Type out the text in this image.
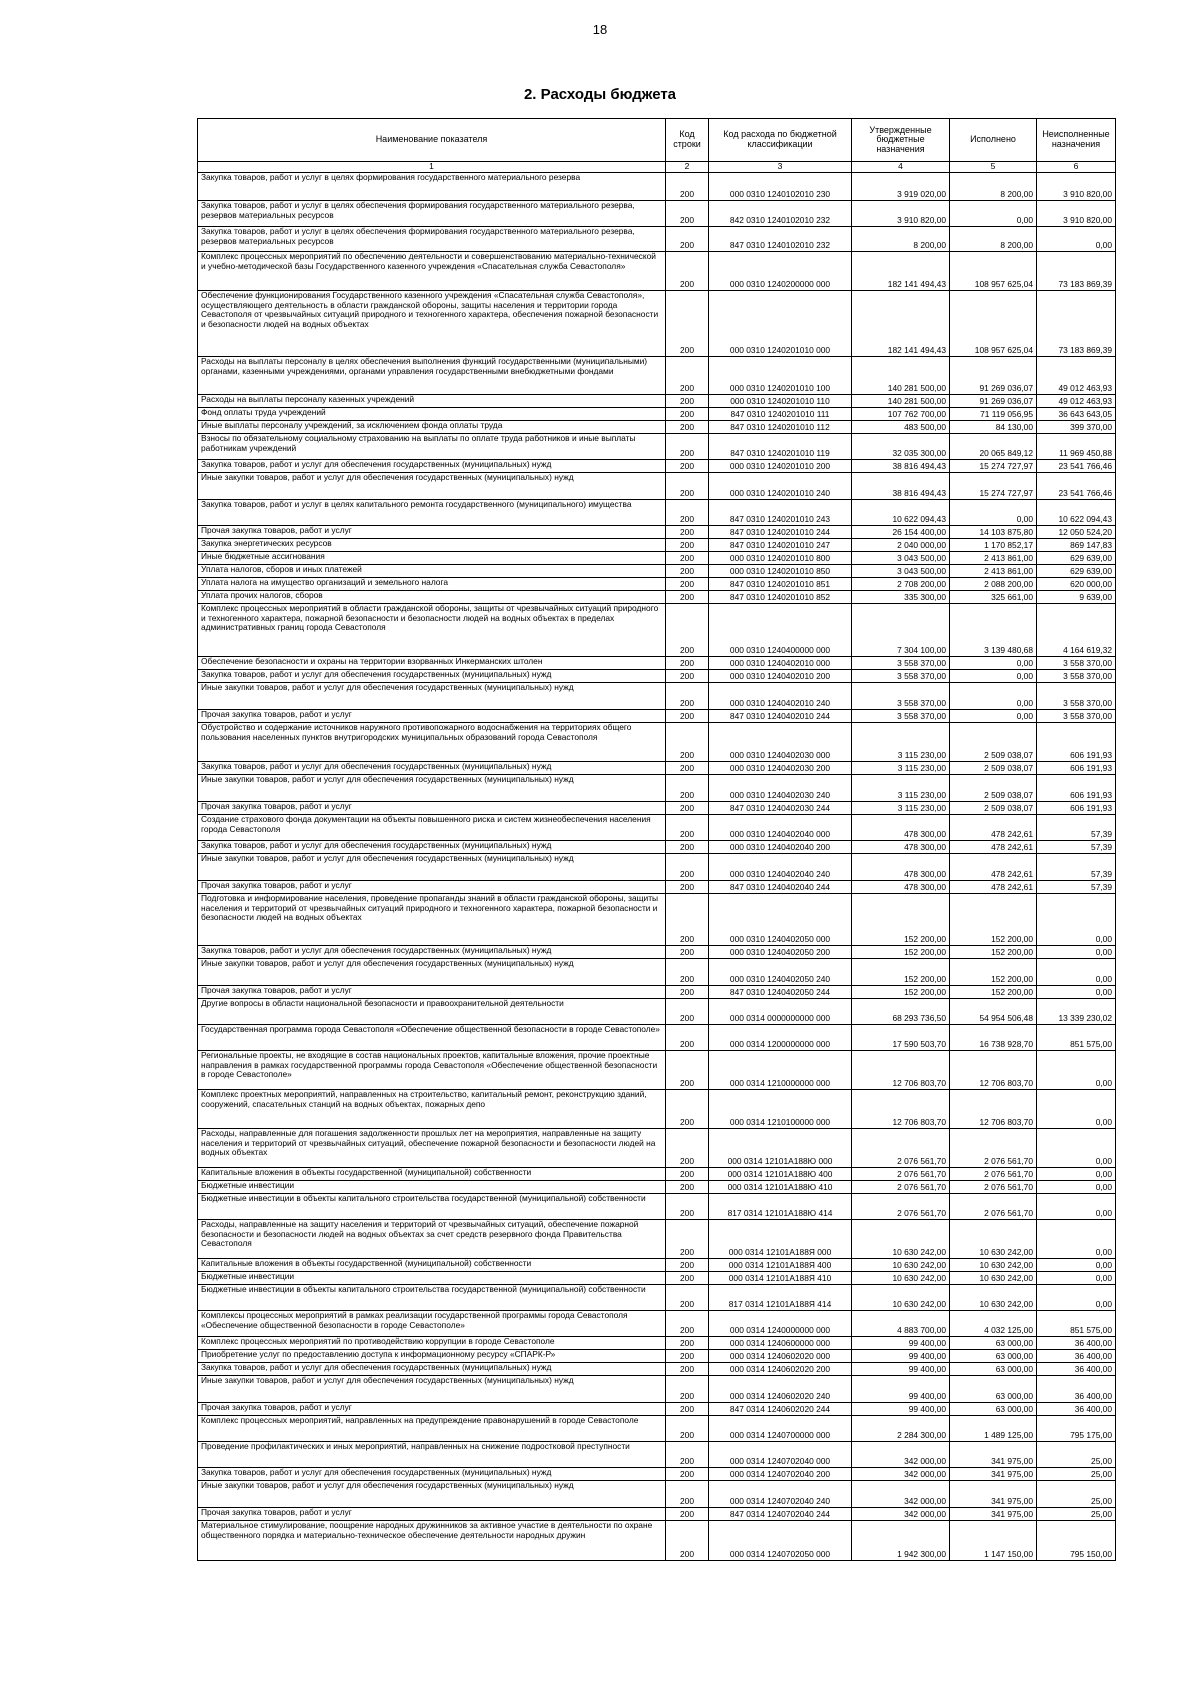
18
2. Расходы бюджета
Наименование показателя	Код строки	Код расхода по бюджетной классификации	Утвержденные бюджетные назначения	Исполнено	Неисполненные назначения
1	2	3	4	5	6
Закупка товаров, работ и услуг в целях формирования государственного материального резерва	200	000 0310 1240102010 230	3 919 020,00	8 200,00	3 910 820,00
Закупка товаров, работ и услуг в целях обеспечения формирования государственного материального резерва, резервов материальных ресурсов	200	842 0310 1240102010 232	3 910 820,00	0,00	3 910 820,00
Закупка товаров, работ и услуг в целях обеспечения формирования государственного материального резерва, резервов материальных ресурсов	200	847 0310 1240102010 232	8 200,00	8 200,00	0,00
Комплекс процессных мероприятий по обеспечению деятельности и совершенствованию материально-технической и учебно-методической базы Государственного казенного учреждения «Спасательная служба Севастополя»	200	000 0310 1240200000 000	182 141 494,43	108 957 625,04	73 183 869,39
Обеспечение функционирования Государственного казенного учреждения «Спасательная служба Севастополя», осуществляющего деятельность в области гражданской обороны, защиты населения и территории города Севастополя от чрезвычайных ситуаций природного и техногенного характера, обеспечения пожарной безопасности и безопасности людей на водных объектах	200	000 0310 1240201010 000	182 141 494,43	108 957 625,04	73 183 869,39
Расходы на выплаты персоналу в целях обеспечения выполнения функций государственными (муниципальными) органами, казенными учреждениями, органами управления государственными внебюджетными фондами	200	000 0310 1240201010 100	140 281 500,00	91 269 036,07	49 012 463,93
Расходы на выплаты персоналу казенных учреждений	200	000 0310 1240201010 110	140 281 500,00	91 269 036,07	49 012 463,93
Фонд оплаты труда учреждений	200	847 0310 1240201010 111	107 762 700,00	71 119 056,95	36 643 643,05
Иные выплаты персоналу учреждений, за исключением фонда оплаты труда	200	847 0310 1240201010 112	483 500,00	84 130,00	399 370,00
Взносы по обязательному социальному страхованию на выплаты по оплате труда работников и иные выплаты работникам учреждений	200	847 0310 1240201010 119	32 035 300,00	20 065 849,12	11 969 450,88
Закупка товаров, работ и услуг для обеспечения государственных (муниципальных) нужд	200	000 0310 1240201010 200	38 816 494,43	15 274 727,97	23 541 766,46
Иные закупки товаров, работ и услуг для обеспечения государственных (муниципальных) нужд	200	000 0310 1240201010 240	38 816 494,43	15 274 727,97	23 541 766,46
Закупка товаров, работ и услуг в целях капитального ремонта государственного (муниципального) имущества	200	847 0310 1240201010 243	10 622 094,43	0,00	10 622 094,43
Прочая закупка товаров, работ и услуг	200	847 0310 1240201010 244	26 154 400,00	14 103 875,80	12 050 524,20
Закупка энергетических ресурсов	200	847 0310 1240201010 247	2 040 000,00	1 170 852,17	869 147,83
Иные бюджетные ассигнования	200	000 0310 1240201010 800	3 043 500,00	2 413 861,00	629 639,00
Уплата налогов, сборов и иных платежей	200	000 0310 1240201010 850	3 043 500,00	2 413 861,00	629 639,00
Уплата налога на имущество организаций и земельного налога	200	847 0310 1240201010 851	2 708 200,00	2 088 200,00	620 000,00
Уплата прочих налогов, сборов	200	847 0310 1240201010 852	335 300,00	325 661,00	9 639,00
Комплекс процессных мероприятий в области гражданской обороны, защиты от чрезвычайных ситуаций природного и техногенного характера, пожарной безопасности и безопасности людей на водных объектах в пределах административных границ города Севастополя	200	000 0310 1240400000 000	7 304 100,00	3 139 480,68	4 164 619,32
Обеспечение безопасности и охраны на территории взорванных Инкерманских штолен	200	000 0310 1240402010 000	3 558 370,00	0,00	3 558 370,00
Закупка товаров, работ и услуг для обеспечения государственных (муниципальных) нужд	200	000 0310 1240402010 200	3 558 370,00	0,00	3 558 370,00
Иные закупки товаров, работ и услуг для обеспечения государственных (муниципальных) нужд	200	000 0310 1240402010 240	3 558 370,00	0,00	3 558 370,00
Прочая закупка товаров, работ и услуг	200	847 0310 1240402010 244	3 558 370,00	0,00	3 558 370,00
Обустройство и содержание источников наружного противопожарного водоснабжения на территориях общего пользования населенных пунктов внутригородских муниципальных образований города Севастополя	200	000 0310 1240402030 000	3 115 230,00	2 509 038,07	606 191,93
Закупка товаров, работ и услуг для обеспечения государственных (муниципальных) нужд	200	000 0310 1240402030 200	3 115 230,00	2 509 038,07	606 191,93
Иные закупки товаров, работ и услуг для обеспечения государственных (муниципальных) нужд	200	000 0310 1240402030 240	3 115 230,00	2 509 038,07	606 191,93
Прочая закупка товаров, работ и услуг	200	847 0310 1240402030 244	3 115 230,00	2 509 038,07	606 191,93
Создание страхового фонда документации на объекты повышенного риска и систем жизнеобеспечения населения города Севастополя	200	000 0310 1240402040 000	478 300,00	478 242,61	57,39
Закупка товаров, работ и услуг для обеспечения государственных (муниципальных) нужд	200	000 0310 1240402040 200	478 300,00	478 242,61	57,39
Иные закупки товаров, работ и услуг для обеспечения государственных (муниципальных) нужд	200	000 0310 1240402040 240	478 300,00	478 242,61	57,39
Прочая закупка товаров, работ и услуг	200	847 0310 1240402040 244	478 300,00	478 242,61	57,39
Подготовка и информирование населения, проведение пропаганды знаний в области гражданской обороны, защиты населения и территорий от чрезвычайных ситуаций природного и техногенного характера, пожарной безопасности и безопасности людей на водных объектах	200	000 0310 1240402050 000	152 200,00	152 200,00	0,00
Закупка товаров, работ и услуг для обеспечения государственных (муниципальных) нужд	200	000 0310 1240402050 200	152 200,00	152 200,00	0,00
Иные закупки товаров, работ и услуг для обеспечения государственных (муниципальных) нужд	200	000 0310 1240402050 240	152 200,00	152 200,00	0,00
Прочая закупка товаров, работ и услуг	200	847 0310 1240402050 244	152 200,00	152 200,00	0,00
Другие вопросы в области национальной безопасности и правоохранительной деятельности	200	000 0314 0000000000 000	68 293 736,50	54 954 506,48	13 339 230,02
Государственная программа города Севастополя «Обеспечение общественной безопасности в городе Севастополе»	200	000 0314 1200000000 000	17 590 503,70	16 738 928,70	851 575,00
Региональные проекты, не входящие в состав национальных проектов, капитальные вложения, прочие проектные направления в рамках государственной программы города Севастополя «Обеспечение общественной безопасности в городе Севастополе»	200	000 0314 1210000000 000	12 706 803,70	12 706 803,70	0,00
Комплекс проектных мероприятий, направленных на строительство, капитальный ремонт, реконструкцию зданий, сооружений, спасательных станций на водных объектах, пожарных депо	200	000 0314 1210100000 000	12 706 803,70	12 706 803,70	0,00
Расходы, направленные для погашения задолженности прошлых лет на мероприятия, направленные на защиту населения и территорий от чрезвычайных ситуаций, обеспечение пожарной безопасности и безопасности людей на водных объектах	200	000 0314 12101А188Ю 000	2 076 561,70	2 076 561,70	0,00
Капитальные вложения в объекты государственной (муниципальной) собственности	200	000 0314 12101А188Ю 400	2 076 561,70	2 076 561,70	0,00
Бюджетные инвестиции	200	000 0314 12101А188Ю 410	2 076 561,70	2 076 561,70	0,00
Бюджетные инвестиции в объекты капитального строительства государственной (муниципальной) собственности	200	817 0314 12101А188Ю 414	2 076 561,70	2 076 561,70	0,00
Расходы, направленные на защиту населения и территорий от чрезвычайных ситуаций, обеспечение пожарной безопасности и безопасности людей на водных объектах за счет средств резервного фонда Правительства Севастополя	200	000 0314 12101А188Я 000	10 630 242,00	10 630 242,00	0,00
Капитальные вложения в объекты государственной (муниципальной) собственности	200	000 0314 12101А188Я 400	10 630 242,00	10 630 242,00	0,00
Бюджетные инвестиции	200	000 0314 12101А188Я 410	10 630 242,00	10 630 242,00	0,00
Бюджетные инвестиции в объекты капитального строительства государственной (муниципальной) собственности	200	817 0314 12101А188Я 414	10 630 242,00	10 630 242,00	0,00
Комплексы процессных мероприятий в рамках реализации государственной программы города Севастополя «Обеспечение общественной безопасности в городе Севастополе»	200	000 0314 1240000000 000	4 883 700,00	4 032 125,00	851 575,00
Комплекс процессных мероприятий по противодействию коррупции в городе Севастополе	200	000 0314 1240600000 000	99 400,00	63 000,00	36 400,00
Приобретение услуг по предоставлению доступа к информационному ресурсу «СПАРК-Р»	200	000 0314 1240602020 000	99 400,00	63 000,00	36 400,00
Закупка товаров, работ и услуг для обеспечения государственных (муниципальных) нужд	200	000 0314 1240602020 200	99 400,00	63 000,00	36 400,00
Иные закупки товаров, работ и услуг для обеспечения государственных (муниципальных) нужд	200	000 0314 1240602020 240	99 400,00	63 000,00	36 400,00
Прочая закупка товаров, работ и услуг	200	847 0314 1240602020 244	99 400,00	63 000,00	36 400,00
Комплекс процессных мероприятий, направленных на предупреждение правонарушений в городе Севастополе	200	000 0314 1240700000 000	2 284 300,00	1 489 125,00	795 175,00
Проведение профилактических и иных мероприятий, направленных на снижение подростковой преступности	200	000 0314 1240702040 000	342 000,00	341 975,00	25,00
Закупка товаров, работ и услуг для обеспечения государственных (муниципальных) нужд	200	000 0314 1240702040 200	342 000,00	341 975,00	25,00
Иные закупки товаров, работ и услуг для обеспечения государственных (муниципальных) нужд	200	000 0314 1240702040 240	342 000,00	341 975,00	25,00
Прочая закупка товаров, работ и услуг	200	847 0314 1240702040 244	342 000,00	341 975,00	25,00
Материальное стимулирование, поощрение народных дружинников за активное участие в деятельности по охране общественного порядка и материально-техническое обеспечение деятельности народных дружин	200	000 0314 1240702050 000	1 942 300,00	1 147 150,00	795 150,00
